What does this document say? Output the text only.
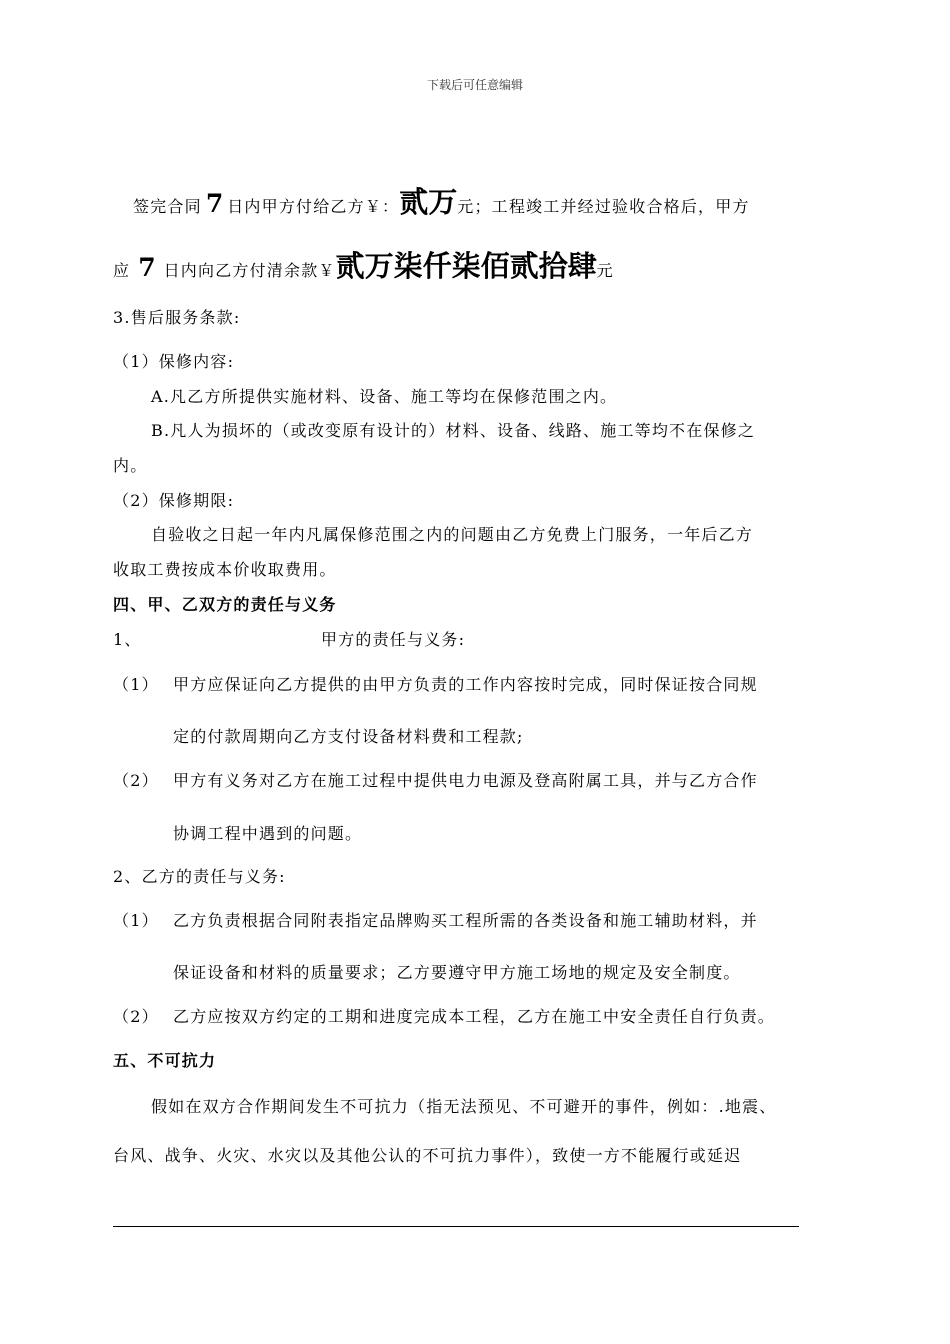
下载后可任意编辑
签完合同 7 日内甲方付给乙方￥：贰万元；工程竣工并经过验收合格后，甲方
应 7 日内向乙方付清余款￥贰万柒仟柒佰贰拾肆元
3.售后服务条款:
（1）保修内容:
A.凡乙方所提供实施材料、设备、施工等均在保修范围之内。
B.凡人为损坏的（或改变原有设计的）材料、设备、线路、施工等均不在保修之
内。
（2）保修期限:
自验收之日起一年内凡属保修范围之内的问题由乙方免费上门服务，一年后乙方
收取工费按成本价收取费用。
四、甲、乙双方的责任与义务
1、	甲方的责任与义务:
（1） 甲方应保证向乙方提供的由甲方负责的工作内容按时完成，同时保证按合同规
定的付款周期向乙方支付设备材料费和工程款;
（2） 甲方有义务对乙方在施工过程中提供电力电源及登高附属工具，并与乙方合作
协调工程中遇到的问题。
2、乙方的责任与义务:
（1） 乙方负责根据合同附表指定品牌购买工程所需的各类设备和施工辅助材料，并
保证设备和材料的质量要求；乙方要遵守甲方施工场地的规定及安全制度。
（2） 乙方应按双方约定的工期和进度完成本工程，乙方在施工中安全责任自行负责。
五、不可抗力
假如在双方合作期间发生不可抗力（指无法预见、不可避开的事件，例如：.地震、
台风、战争、火灾、水灾以及其他公认的不可抗力事件），致使一方不能履行或延迟
